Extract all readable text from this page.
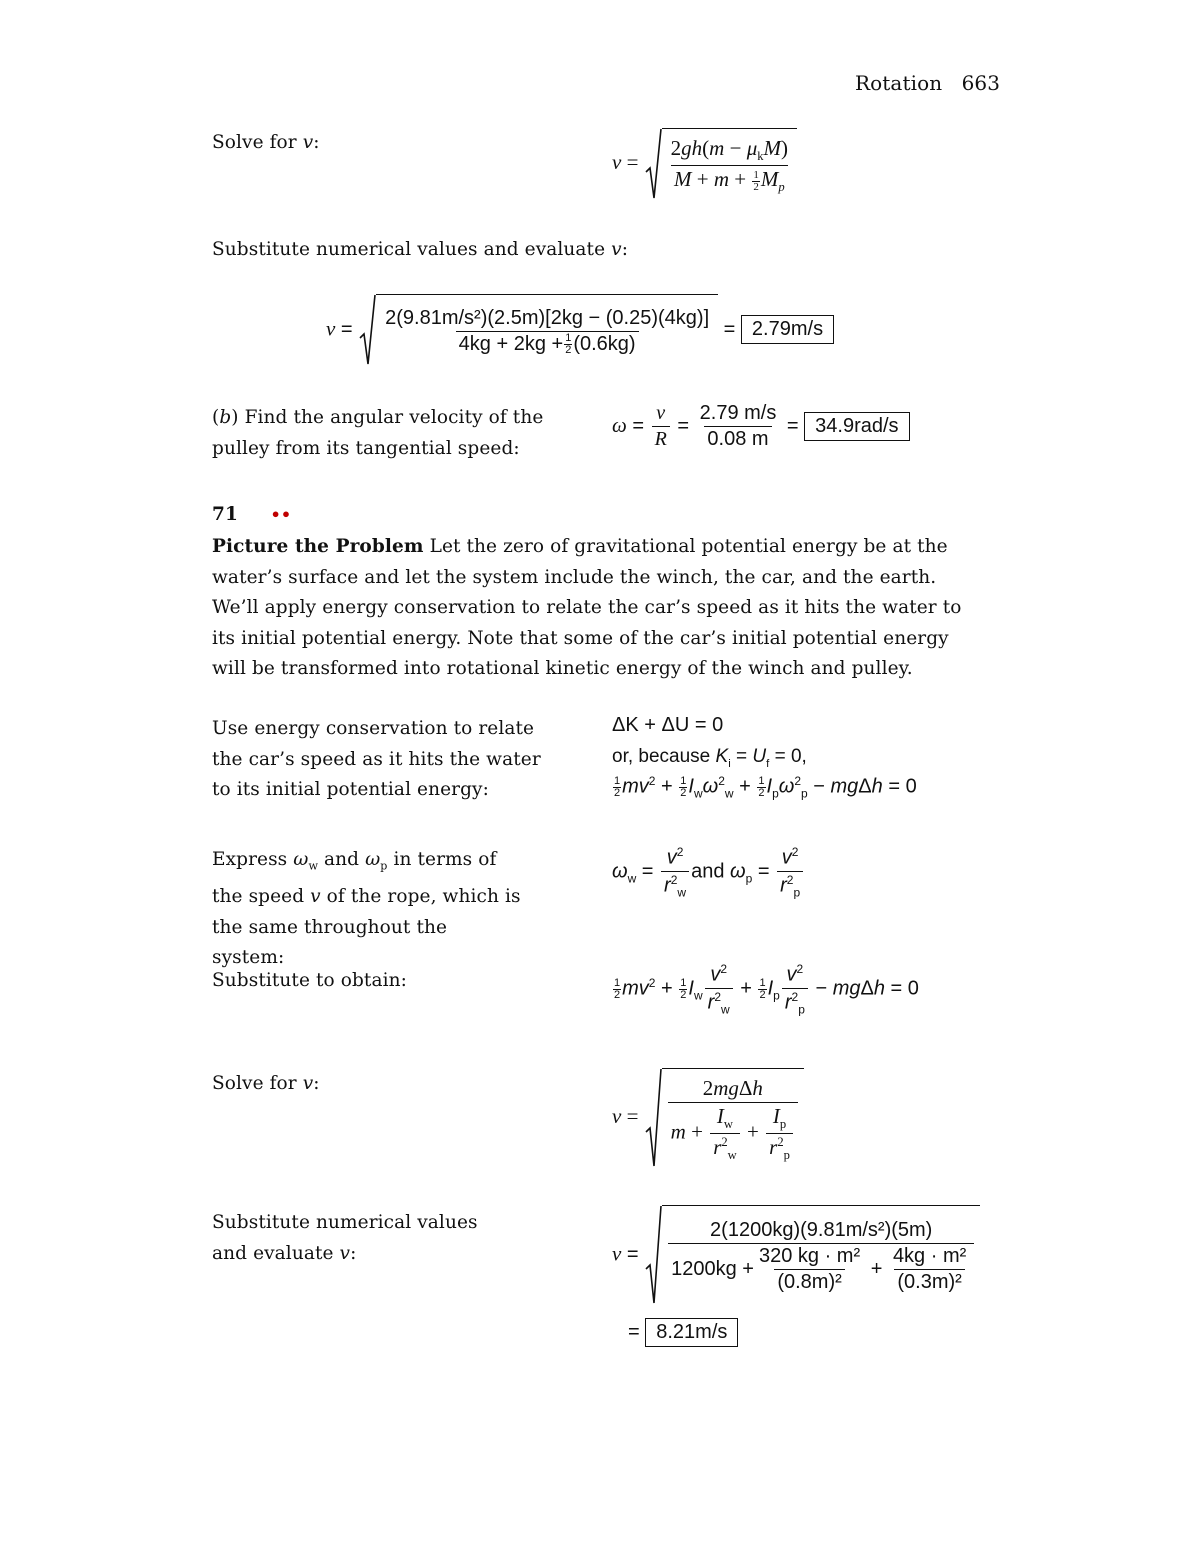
Rotation 663
Solve for v:
$v = \frac{2gh(m - \mu_kM)}{M + m + \frac{1}{2} M_p}$
Substitute numerical values and evaluate v:
$v = \frac{\text{2(9.81m/s²)(2.5m)[2kg − (0.25)(4kg)]}}{4kg + 2kg + \frac{1}{2} (0.6kg)} = 2.79m/s$
(b) Find the angular velocity of the pulley from its tangential speed:
$\omega = \frac{v}{R} = \frac{2.79 m/s}{0.08 m} = 34.9rad/s$
71 ••
Picture the Problem Let the zero of gravitational potential energy be at the water’s surface and let the system include the winch, the car, and the earth. We’ll apply energy conservation to relate the car’s speed as it hits the water to its initial potential energy. Note that some of the car’s initial potential energy will be transformed into rotational kinetic energy of the winch and pulley.
Use energy conservation to relate the car’s speed as it hits the water to its initial potential energy:
ΔK + ΔU = 0
or, because $K_i = U_f = 0$,
$\frac{1}{2} mv^2 + \frac{1}{2} I_w\omega^2_w + \frac{1}{2} I_p\omega^2_p - mg\Delta h = 0$
Express $\omega_w$ and $\omega_p$ in terms of the speed v of the rope, which is the same throughout the system:
$\omega_w = \frac{v^2}{r^2_w}$ and $\omega_p = \frac{v^2}{r^2_p}$
Substitute to obtain:	$\frac{1}{2} mv^2 + \frac{1}{2} I_w \frac{v^2}{r^2_w} + \frac{1}{2} I_p \frac{v^2}{r^2_p} - mg\Delta h = 0$
Solve for v:
$v = \frac{\text{2mgΔh}}{m + \frac{I_w}{r^2_w} + \frac{I_p}{r^2_p}}$
Substitute numerical values and evaluate v:	$v = \frac{\text{2(1200kg)(9.81m/s²)(5m)}}{1200kg + \frac{\text{320 kg · m²}}{\text{(0.8m)²}} + \frac{\text{4kg · m²}}{\text{(0.3m)²}}}$
= 8.21m/s
